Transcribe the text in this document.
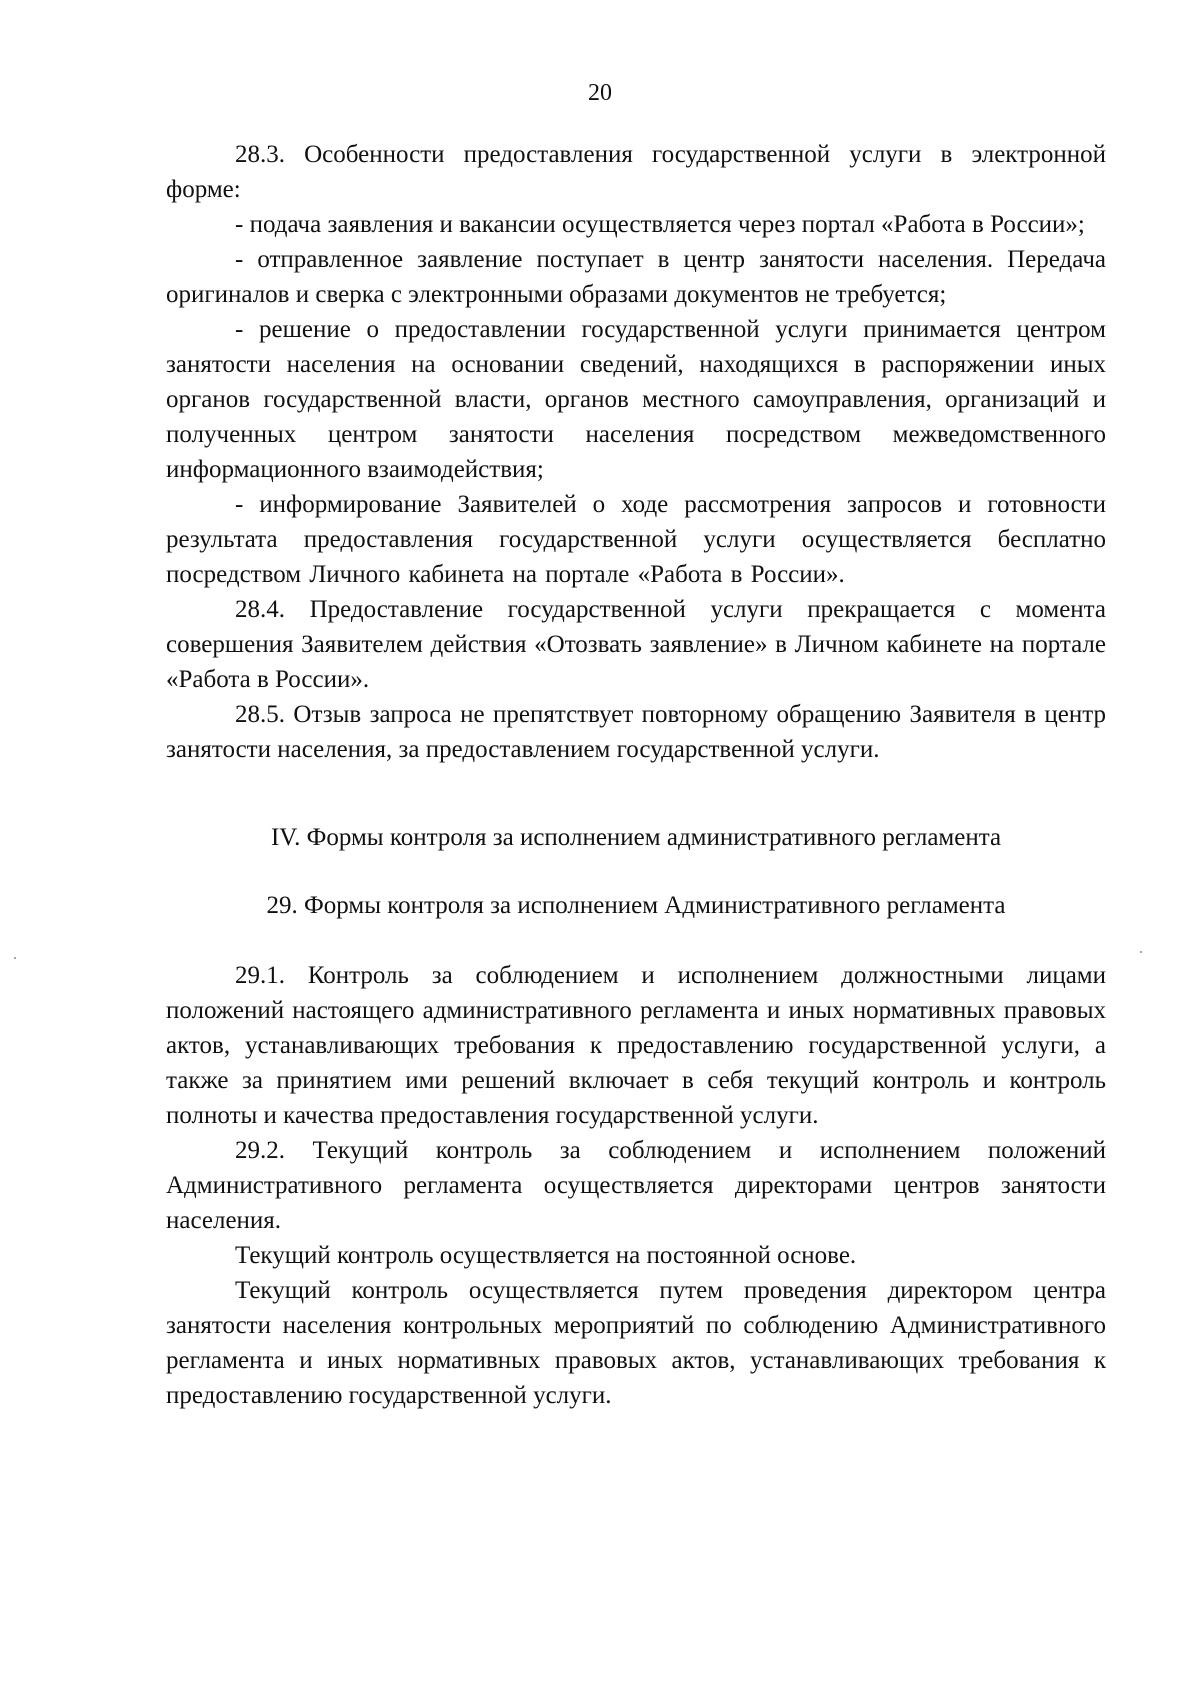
20

28.3. Особенности предоставления государственной услуги в электронной форме:

- подача заявления и вакансии осуществляется через портал «Работа в России»;

- отправленное заявление поступает в центр занятости населения. Передача оригиналов и сверка с электронными образами документов не требуется;

- решение о предоставлении государственной услуги принимается центром занятости населения на основании сведений, находящихся в распоряжении иных органов государственной власти, органов местного самоуправления, организаций и полученных центром занятости населения посредством межведомственного информационного взаимодействия;

- информирование Заявителей о ходе рассмотрения запросов и готовности результата предоставления государственной услуги осуществляется бесплатно посредством Личного кабинета на портале «Работа в России».

28.4. Предоставление государственной услуги прекращается с момента совершения Заявителем действия «Отозвать заявление» в Личном кабинете на портале «Работа в России».

28.5. Отзыв запроса не препятствует повторному обращению Заявителя в центр занятости населения, за предоставлением государственной услуги.

IV. Формы контроля за исполнением административного регламента

29. Формы контроля за исполнением Административного регламента

29.1. Контроль за соблюдением и исполнением должностными лицами положений настоящего административного регламента и иных нормативных правовых актов, устанавливающих требования к предоставлению государственной услуги, а также за принятием ими решений включает в себя текущий контроль и контроль полноты и качества предоставления государственной услуги.

29.2. Текущий контроль за соблюдением и исполнением положений Административного регламента осуществляется директорами центров занятости населения.

Текущий контроль осуществляется на постоянной основе.

Текущий контроль осуществляется путем проведения директором центра занятости населения контрольных мероприятий по соблюдению Административного регламента и иных нормативных правовых актов, устанавливающих требования к предоставлению государственной услуги.
